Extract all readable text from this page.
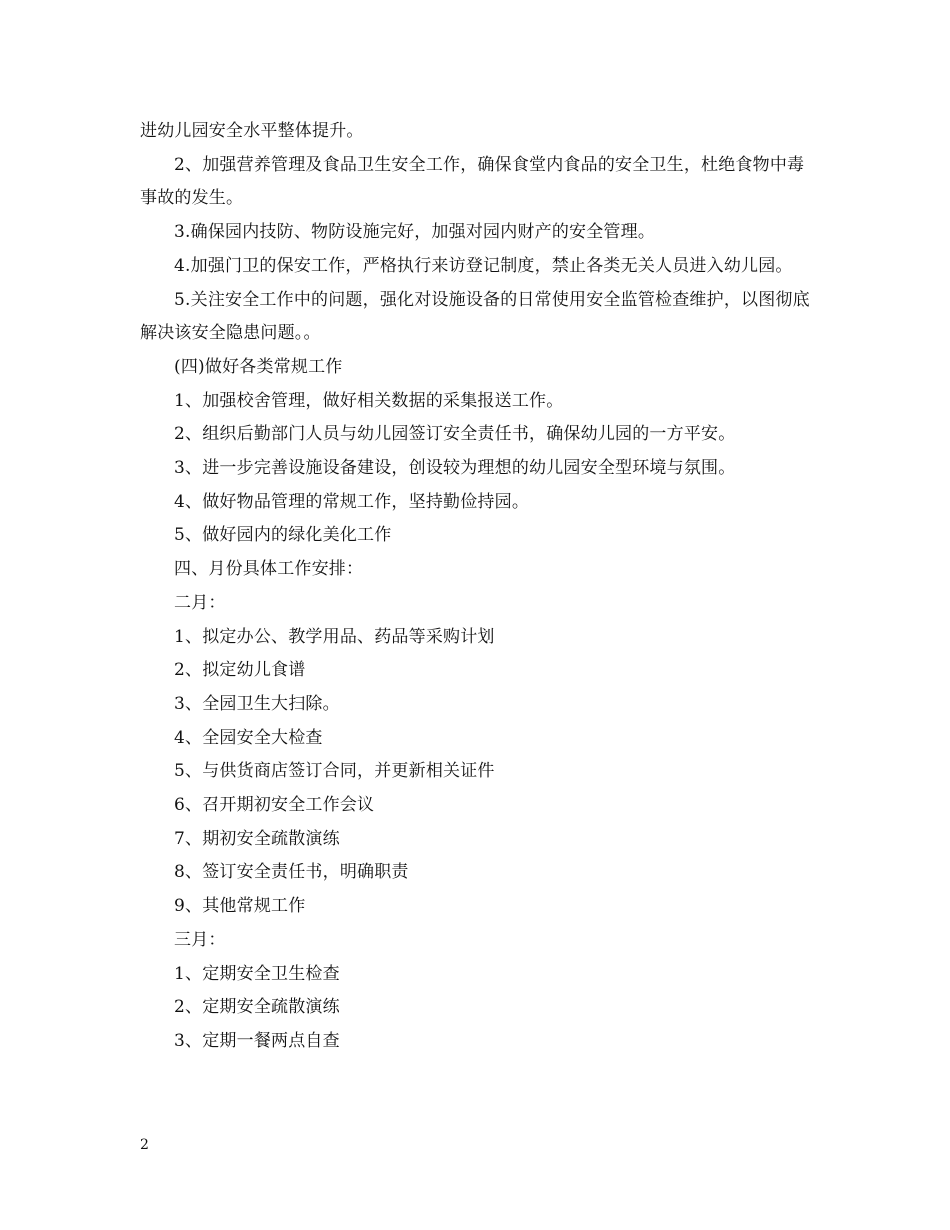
进幼儿园安全水平整体提升。

2、加强营养管理及食品卫生安全工作，确保食堂内食品的安全卫生，杜绝食物中毒事故的发生。

3.确保园内技防、物防设施完好，加强对园内财产的安全管理。

4.加强门卫的保安工作，严格执行来访登记制度，禁止各类无关人员进入幼儿园。

5.关注安全工作中的问题，强化对设施设备的日常使用安全监管检查维护，以图彻底解决该安全隐患问题。。

(四)做好各类常规工作

1、加强校舍管理，做好相关数据的采集报送工作。

2、组织后勤部门人员与幼儿园签订安全责任书，确保幼儿园的一方平安。

3、进一步完善设施设备建设，创设较为理想的幼儿园安全型环境与氛围。

4、做好物品管理的常规工作，坚持勤俭持园。

5、做好园内的绿化美化工作

四、月份具体工作安排：

二月：

1、拟定办公、教学用品、药品等采购计划

2、拟定幼儿食谱

3、全园卫生大扫除。

4、全园安全大检查

5、与供货商店签订合同，并更新相关证件

6、召开期初安全工作会议

7、期初安全疏散演练

8、签订安全责任书，明确职责

9、其他常规工作

三月：

1、定期安全卫生检查

2、定期安全疏散演练

3、定期一餐两点自查

2
